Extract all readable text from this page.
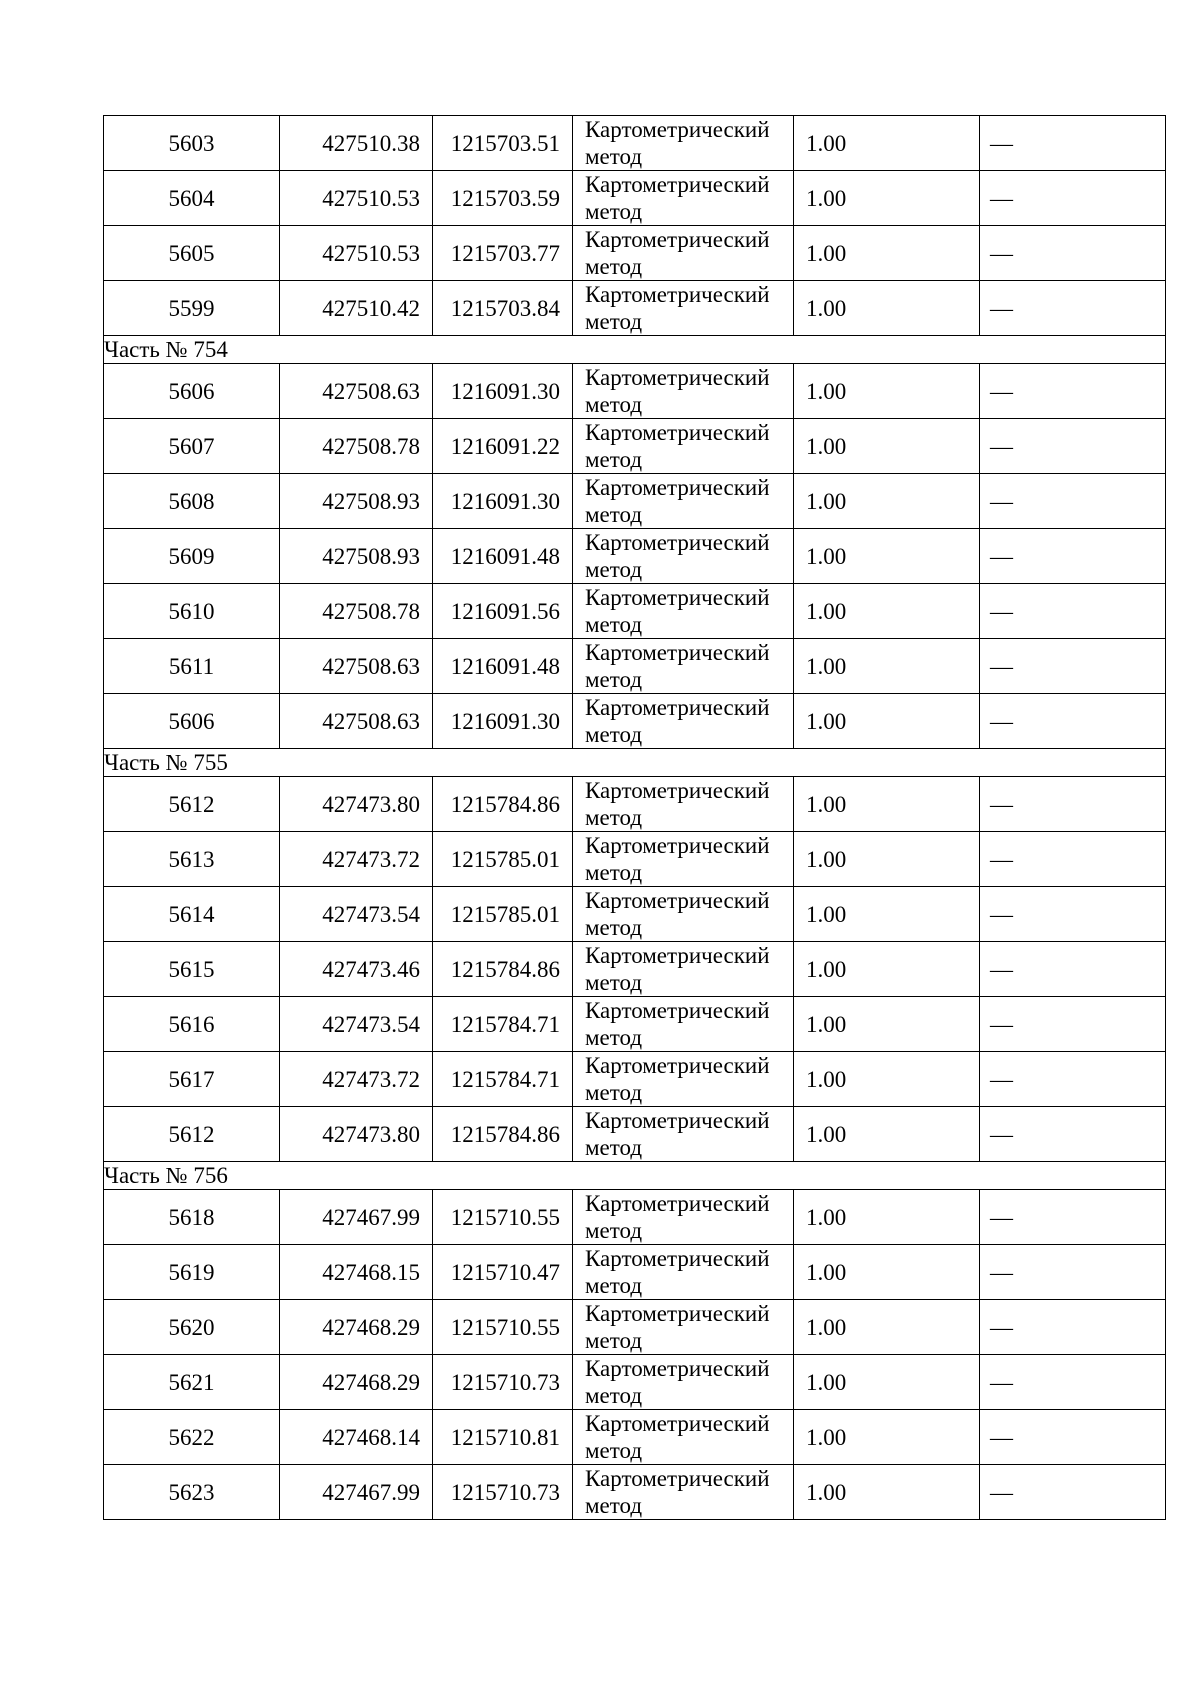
5603	427510.38	1215703.51	Картометрический
метод	1.00	—
5604	427510.53	1215703.59	Картометрический
метод	1.00	—
5605	427510.53	1215703.77	Картометрический
метод	1.00	—
5599	427510.42	1215703.84	Картометрический
метод	1.00	—
Часть № 754					
5606	427508.63	1216091.30	Картометрический
метод	1.00	—
5607	427508.78	1216091.22	Картометрический
метод	1.00	—
5608	427508.93	1216091.30	Картометрический
метод	1.00	—
5609	427508.93	1216091.48	Картометрический
метод	1.00	—
5610	427508.78	1216091.56	Картометрический
метод	1.00	—
5611	427508.63	1216091.48	Картометрический
метод	1.00	—
5606	427508.63	1216091.30	Картометрический
метод	1.00	—
Часть № 755					
5612	427473.80	1215784.86	Картометрический
метод	1.00	—
5613	427473.72	1215785.01	Картометрический
метод	1.00	—
5614	427473.54	1215785.01	Картометрический
метод	1.00	—
5615	427473.46	1215784.86	Картометрический
метод	1.00	—
5616	427473.54	1215784.71	Картометрический
метод	1.00	—
5617	427473.72	1215784.71	Картометрический
метод	1.00	—
5612	427473.80	1215784.86	Картометрический
метод	1.00	—
Часть № 756					
5618	427467.99	1215710.55	Картометрический
метод	1.00	—
5619	427468.15	1215710.47	Картометрический
метод	1.00	—
5620	427468.29	1215710.55	Картометрический
метод	1.00	—
5621	427468.29	1215710.73	Картометрический
метод	1.00	—
5622	427468.14	1215710.81	Картометрический
метод	1.00	—
5623	427467.99	1215710.73	Картометрический
метод	1.00	—
